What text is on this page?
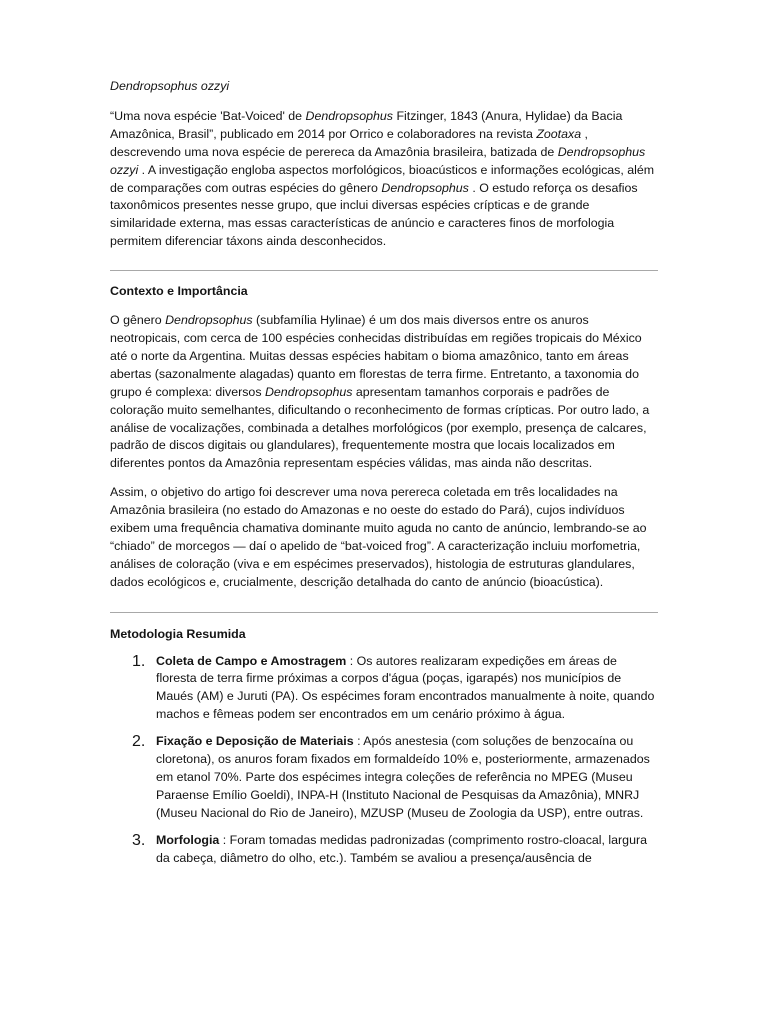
Dendropsophus ozzyi

“Uma nova espécie 'Bat-Voiced' de Dendropsophus Fitzinger, 1843 (Anura, Hylidae) da Bacia Amazônica, Brasil”, publicado em 2014 por Orrico e colaboradores na revista Zootaxa , descrevendo uma nova espécie de perereca da Amazônia brasileira, batizada de Dendropsophus ozzyi . A investigação engloba aspectos morfológicos, bioacústicos e informações ecológicas, além de comparações com outras espécies do gênero Dendropsophus . O estudo reforça os desafios taxonômicos presentes nesse grupo, que inclui diversas espécies crípticas e de grande similaridade externa, mas essas características de anúncio e caracteres finos de morfologia permitem diferenciar táxons ainda desconhecidos.

Contexto e Importância

O gênero Dendropsophus (subfamília Hylinae) é um dos mais diversos entre os anuros neotropicais, com cerca de 100 espécies conhecidas distribuídas em regiões tropicais do México até o norte da Argentina. Muitas dessas espécies habitam o bioma amazônico, tanto em áreas abertas (sazonalmente alagadas) quanto em florestas de terra firme. Entretanto, a taxonomia do grupo é complexa: diversos Dendropsophus apresentam tamanhos corporais e padrões de coloração muito semelhantes, dificultando o reconhecimento de formas crípticas. Por outro lado, a análise de vocalizações, combinada a detalhes morfológicos (por exemplo, presença de calcares, padrão de discos digitais ou glandulares), frequentemente mostra que locais localizados em diferentes pontos da Amazônia representam espécies válidas, mas ainda não descritas.

Assim, o objetivo do artigo foi descrever uma nova perereca coletada em três localidades na Amazônia brasileira (no estado do Amazonas e no oeste do estado do Pará), cujos indivíduos exibem uma frequência chamativa dominante muito aguda no canto de anúncio, lembrando-se ao “chiado” de morcegos — daí o apelido de “bat-voiced frog”. A caracterização incluiu morfometria, análises de coloração (viva e em espécimes preservados), histologia de estruturas glandulares, dados ecológicos e, crucialmente, descrição detalhada do canto de anúncio (bioacústica).

Metodologia Resumida

1. Coleta de Campo e Amostragem : Os autores realizaram expedições em áreas de floresta de terra firme próximas a corpos d'água (poças, igarapés) nos municípios de Maués (AM) e Juruti (PA). Os espécimes foram encontrados manualmente à noite, quando machos e fêmeas podem ser encontrados em um cenário próximo à água.
2. Fixação e Deposição de Materiais : Após anestesia (com soluções de benzocaína ou cloretona), os anuros foram fixados em formaldeído 10% e, posteriormente, armazenados em etanol 70%. Parte dos espécimes integra coleções de referência no MPEG (Museu Paraense Emílio Goeldi), INPA-H (Instituto Nacional de Pesquisas da Amazônia), MNRJ (Museu Nacional do Rio de Janeiro), MZUSP (Museu de Zoologia da USP), entre outras.
3. Morfologia : Foram tomadas medidas padronizadas (comprimento rostro-cloacal, largura da cabeça, diâmetro do olho, etc.). Também se avaliou a presença/ausência de
